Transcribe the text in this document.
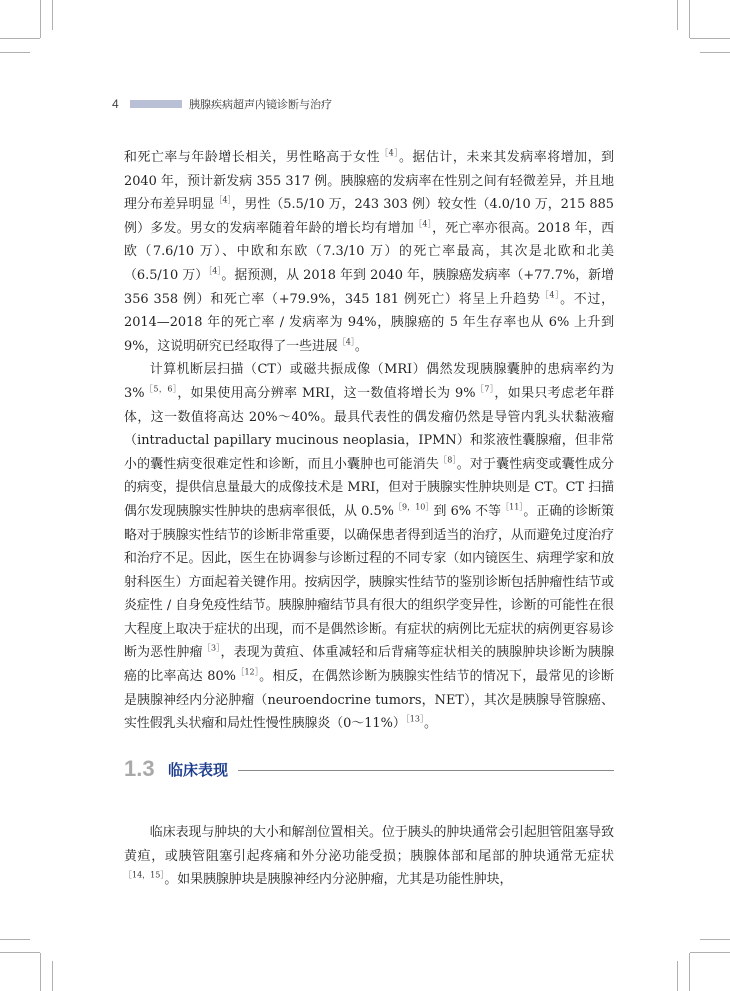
4	胰腺疾病超声内镜诊断与治疗

和死亡率与年龄增长相关，男性略高于女性$^{[4]}$。据估计，未来其发病率将增加，到 2040 年，预计新发病 355 317 例。胰腺癌的发病率在性别之间有轻微差异，并且地理分布差异明显$^{[4]}$，男性（5.5/10 万，243 303 例）较女性（4.0/10 万，215 885 例）多发。男女的发病率随着年龄的增长均有增加$^{[4]}$，死亡率亦很高。2018 年，西欧（7.6/10 万）、中欧和东欧（7.3/10 万）的死亡率最高，其次是北欧和北美（6.5/10 万）$^{[4]}$。据预测，从 2018 年到 2040 年，胰腺癌发病率（+77.7%，新增 356 358 例）和死亡率（+79.9%，345 181 例死亡）将呈上升趋势$^{[4]}$。不过，2014—2018 年的死亡率 / 发病率为 94%，胰腺癌的 5 年生存率也从 6% 上升到 9%，这说明研究已经取得了一些进展$^{[4]}$。

计算机断层扫描（CT）或磁共振成像（MRI）偶然发现胰腺囊肿的患病率约为 3%$^{[5,6]}$，如果使用高分辨率 MRI，这一数值将增长为 9%$^{[7]}$，如果只考虑老年群体，这一数值将高达 20%～40%。最具代表性的偶发瘤仍然是导管内乳头状黏液瘤（intraductal papillary mucinous neoplasia，IPMN）和浆液性囊腺瘤，但非常小的囊性病变很难定性和诊断，而且小囊肿也可能消失$^{[8]}$。对于囊性病变或囊性成分的病变，提供信息量最大的成像技术是 MRI，但对于胰腺实性肿块则是 CT。CT 扫描偶尔发现胰腺实性肿块的患病率很低，从 0.5%$^{[9,10]}$到 6% 不等$^{[11]}$。正确的诊断策略对于胰腺实性结节的诊断非常重要，以确保患者得到适当的治疗，从而避免过度治疗和治疗不足。因此，医生在协调参与诊断过程的不同专家（如内镜医生、病理学家和放射科医生）方面起着关键作用。按病因学，胰腺实性结节的鉴别诊断包括肿瘤性结节或炎症性 / 自身免疫性结节。胰腺肿瘤结节具有很大的组织学变异性，诊断的可能性在很大程度上取决于症状的出现，而不是偶然诊断。有症状的病例比无症状的病例更容易诊断为恶性肿瘤$^{[3]}$，表现为黄疸、体重减轻和后背痛等症状相关的胰腺肿块诊断为胰腺癌的比率高达 80%$^{[12]}$。相反，在偶然诊断为胰腺实性结节的情况下，最常见的诊断是胰腺神经内分泌肿瘤（neuroendocrine tumors，NET），其次是胰腺导管腺癌、实性假乳头状瘤和局灶性慢性胰腺炎（0～11%）$^{[13]}$。

1.3 临床表现

临床表现与肿块的大小和解剖位置相关。位于胰头的肿块通常会引起胆管阻塞导致黄疸，或胰管阻塞引起疼痛和外分泌功能受损；胰腺体部和尾部的肿块通常无症状$^{[14,15]}$。如果胰腺肿块是胰腺神经内分泌肿瘤，尤其是功能性肿块，
